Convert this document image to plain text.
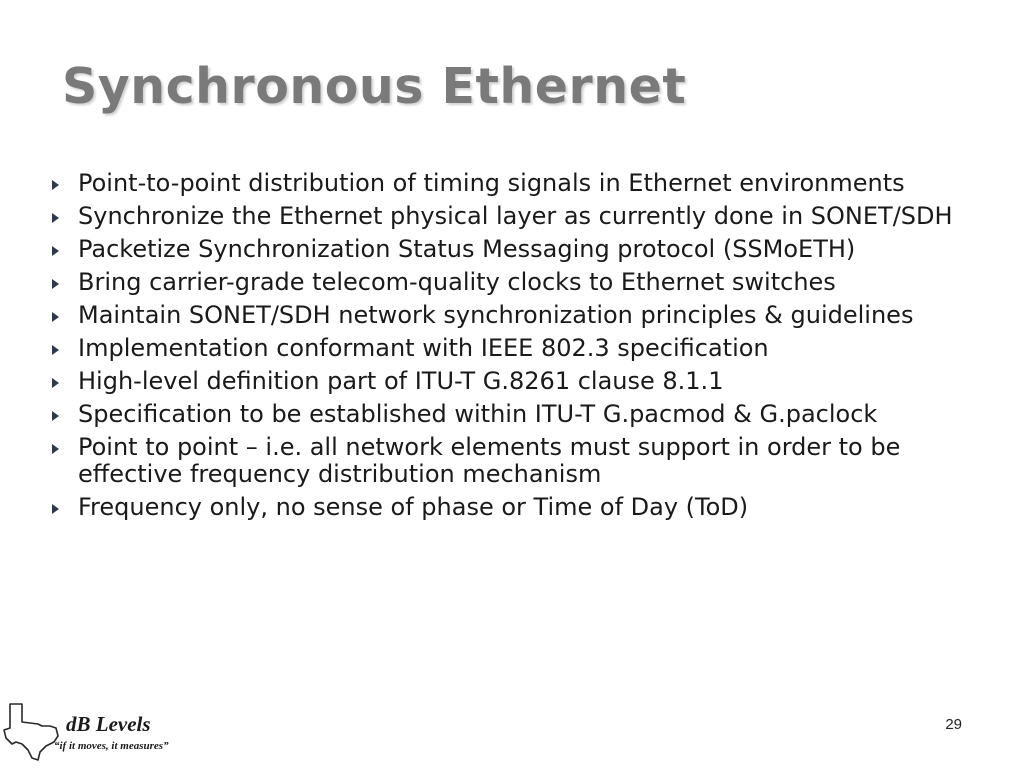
Synchronous Ethernet
Point-to-point distribution of timing signals in Ethernet environments
Synchronize the Ethernet physical layer as currently done in SONET/SDH
Packetize Synchronization Status Messaging protocol (SSMoETH)
Bring carrier-grade telecom-quality clocks to Ethernet switches
Maintain SONET/SDH network synchronization principles & guidelines
Implementation conformant with IEEE 802.3 specification
High-level definition part of ITU-T G.8261 clause 8.1.1
Specification to be established within ITU-T G.pacmod & G.paclock
Point to point – i.e. all network elements must support in order to be effective frequency distribution mechanism
Frequency only, no sense of phase or Time of Day (ToD)
dB Levels
“if it moves, it measures”
29
